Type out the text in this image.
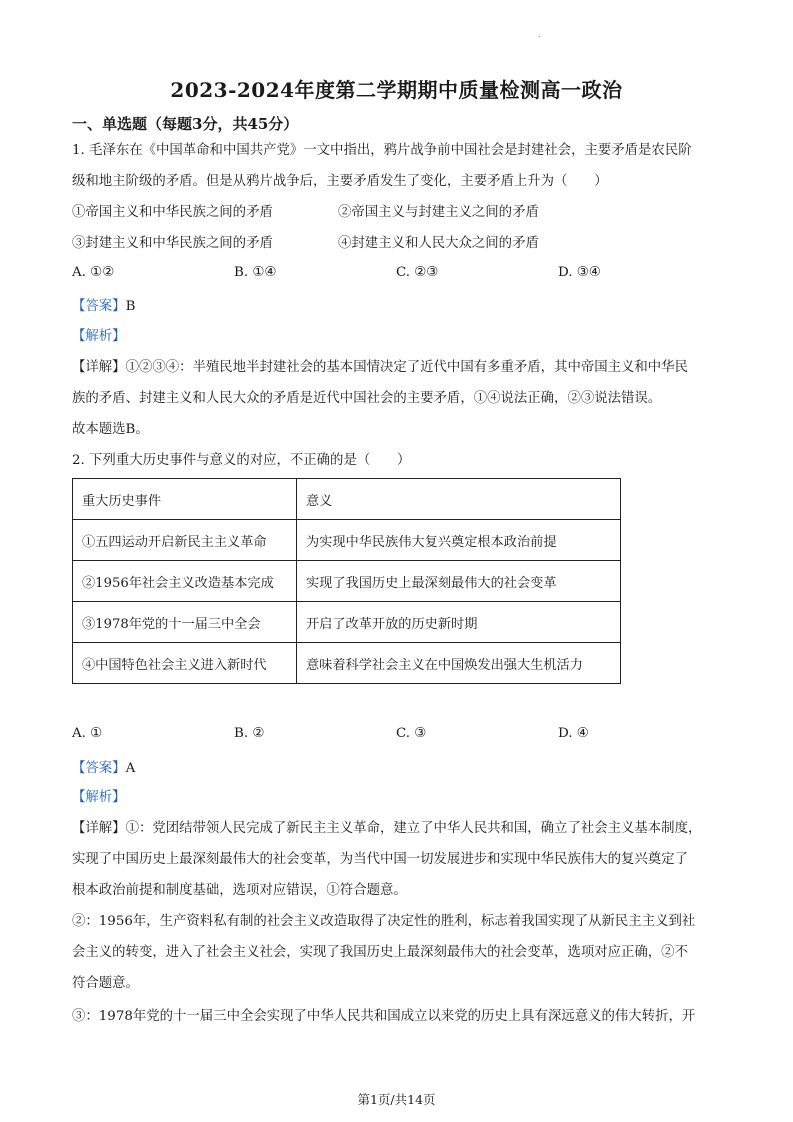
.
2023-2024年度第二学期期中质量检测高一政治
一、单选题（每题3分，共45分）
1. 毛泽东在《中国革命和中国共产党》一文中指出，鸦片战争前中国社会是封建社会，主要矛盾是农民阶
级和地主阶级的矛盾。但是从鸦片战争后，主要矛盾发生了变化，主要矛盾上升为（　　）
①帝国主义和中华民族之间的矛盾	②帝国主义与封建主义之间的矛盾
③封建主义和中华民族之间的矛盾	④封建主义和人民大众之间的矛盾
A. ①②	B. ①④	C. ②③	D. ③④
【答案】B
【解析】
【详解】①②③④：半殖民地半封建社会的基本国情决定了近代中国有多重矛盾，其中帝国主义和中华民
族的矛盾、封建主义和人民大众的矛盾是近代中国社会的主要矛盾，①④说法正确，②③说法错误。
故本题选B。
2. 下列重大历史事件与意义的对应，不正确的是（　　）
重大历史事件	意义
①五四运动开启新民主主义革命	为实现中华民族伟大复兴奠定根本政治前提
②1956年社会主义改造基本完成	实现了我国历史上最深刻最伟大的社会变革
③1978年党的十一届三中全会	开启了改革开放的历史新时期
④中国特色社会主义进入新时代	意味着科学社会主义在中国焕发出强大生机活力
A. ①	B. ②	C. ③	D. ④
【答案】A
【解析】
【详解】①：党团结带领人民完成了新民主主义革命，建立了中华人民共和国，确立了社会主义基本制度，
实现了中国历史上最深刻最伟大的社会变革，为当代中国一切发展进步和实现中华民族伟大的复兴奠定了
根本政治前提和制度基础，选项对应错误，①符合题意。
②：1956年，生产资料私有制的社会主义改造取得了决定性的胜利，标志着我国实现了从新民主主义到社
会主义的转变，进入了社会主义社会，实现了我国历史上最深刻最伟大的社会变革，选项对应正确，②不
符合题意。
③：1978年党的十一届三中全会实现了中华人民共和国成立以来党的历史上具有深远意义的伟大转折，开
第1页/共14页
